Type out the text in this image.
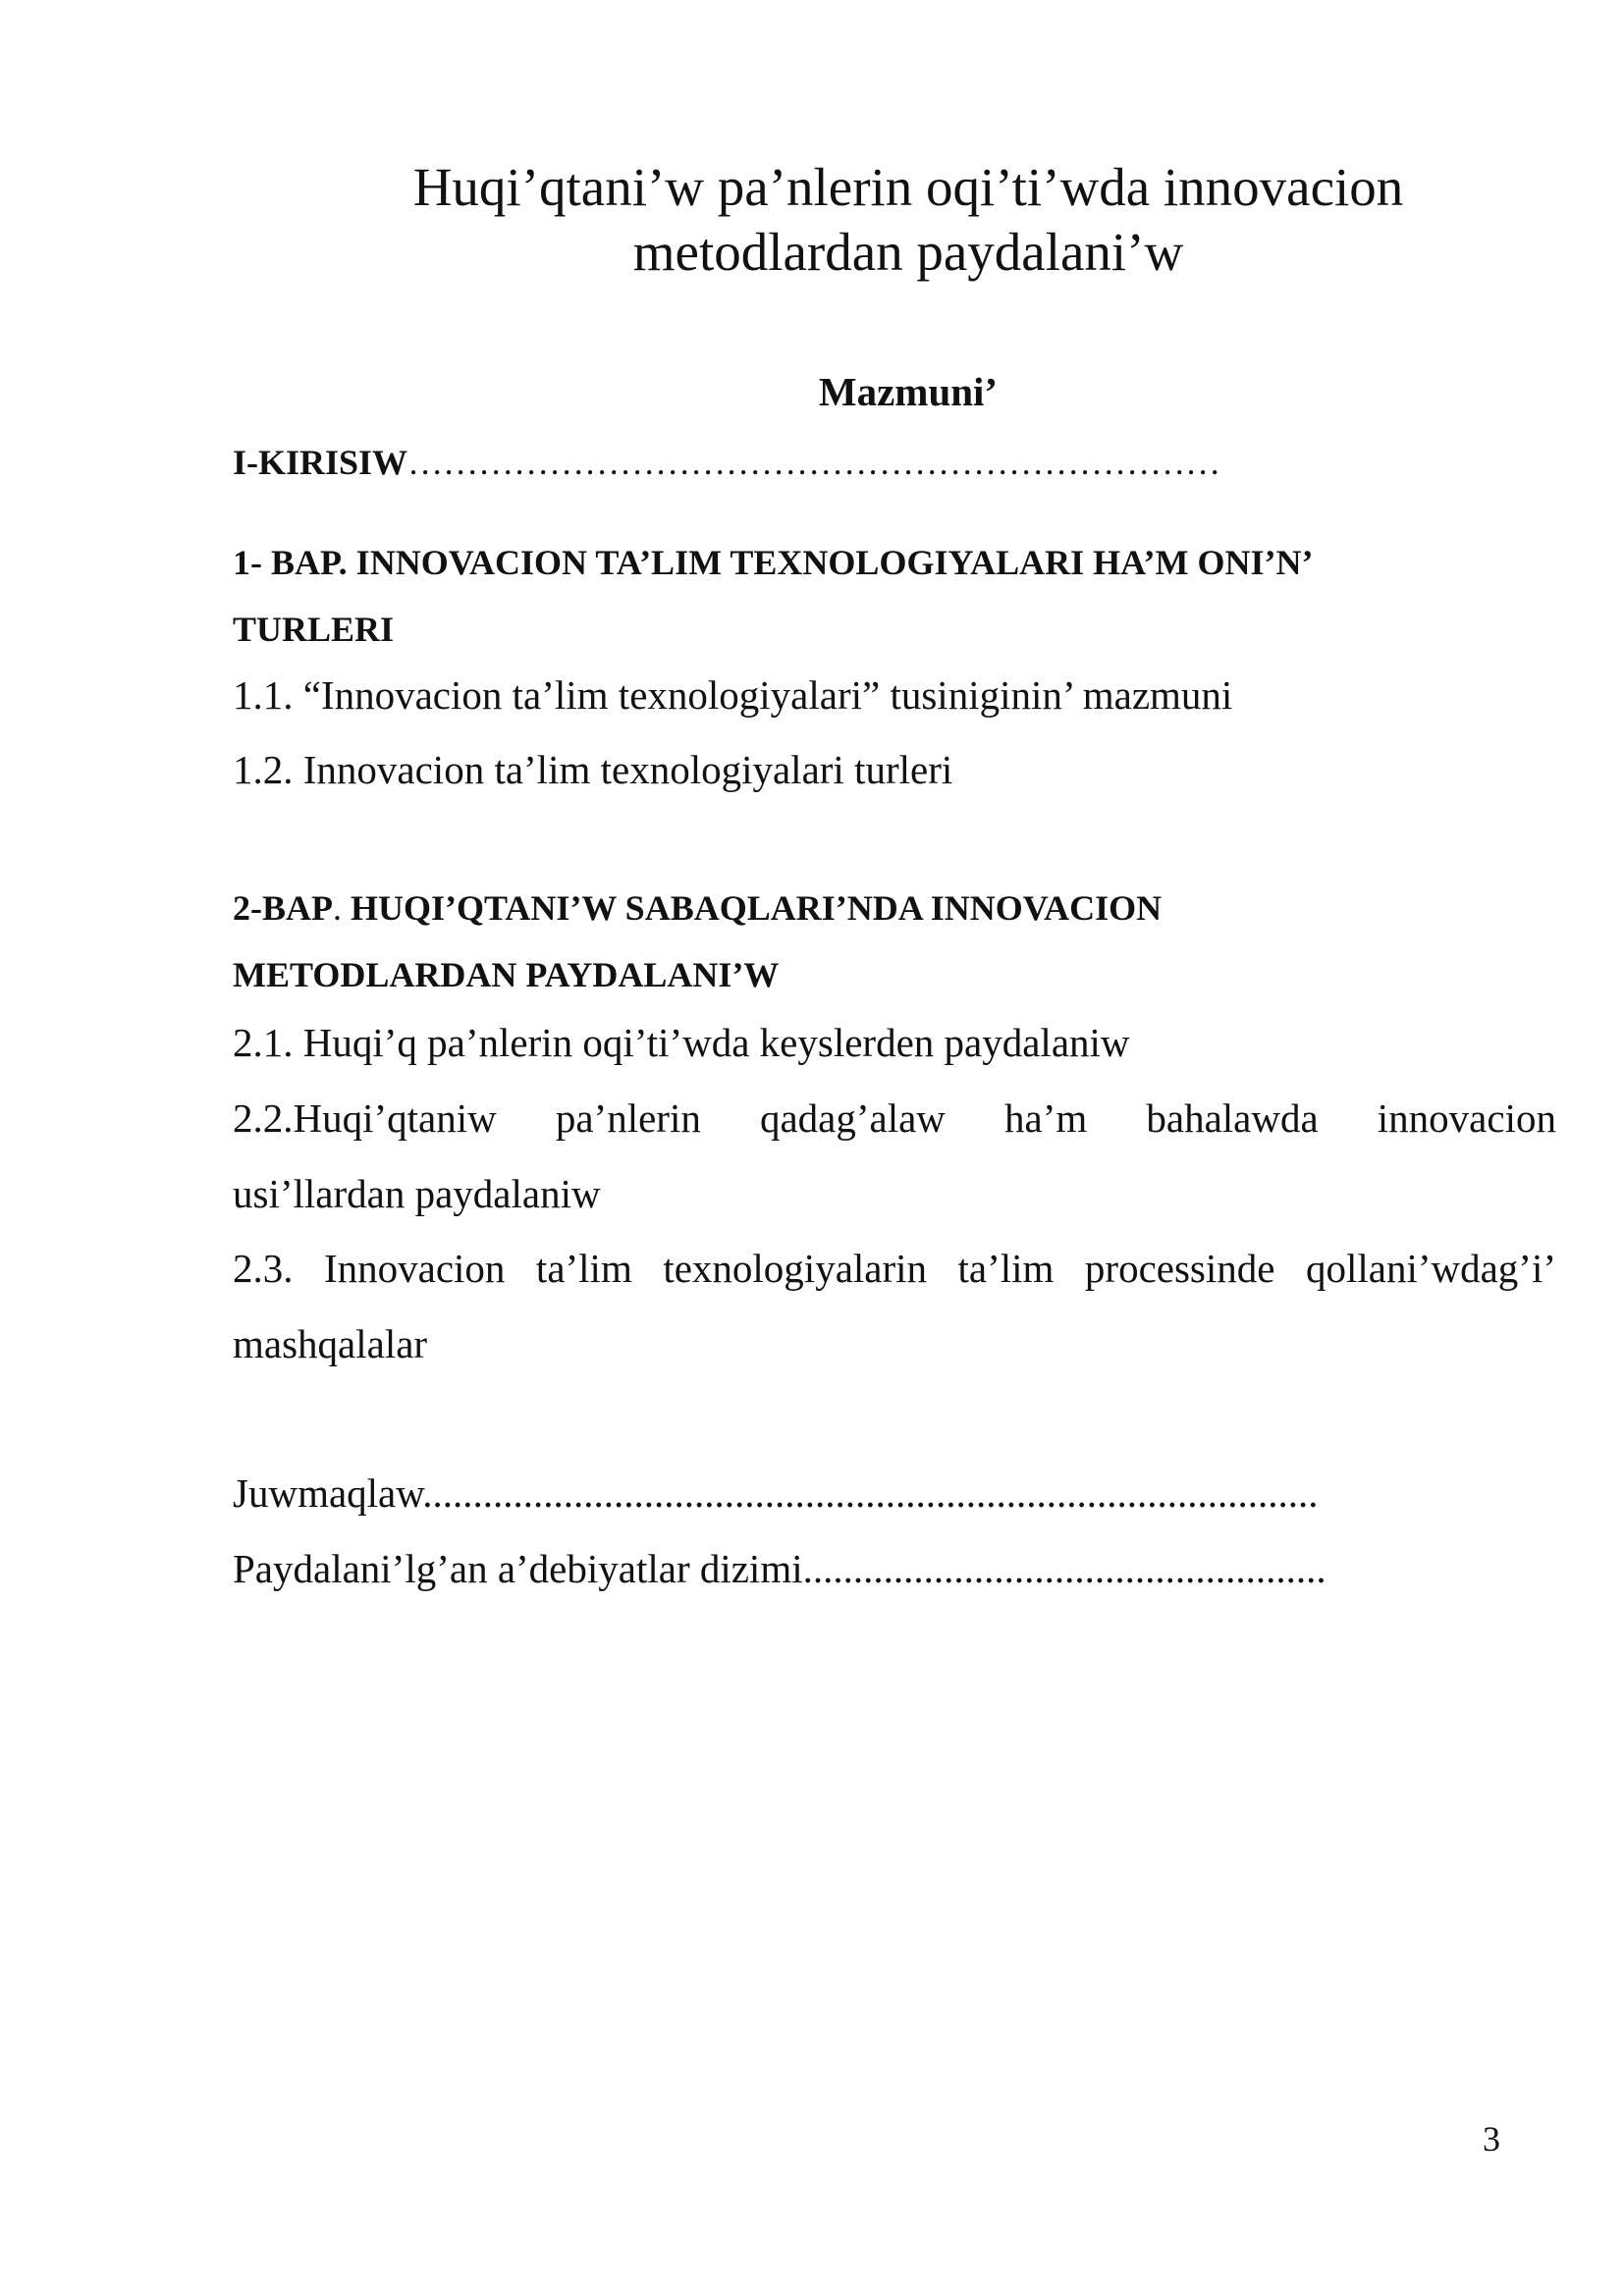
Huqi’qtani’w pa’nlerin oqi’ti’wda innovacion
metodlardan paydalani’w
Mazmuni’
I-KIRISIW……………………………………………………………
1- BAP. INNOVACION TA’LIM TEXNOLOGIYALARI HA’M ONI’N’
TURLERI
1.1. “Innovacion ta’lim texnologiyalari” tusiniginin’ mazmuni
1.2. Innovacion ta’lim texnologiyalari turleri
2-BAP. HUQI’QTANI’W SABAQLARI’NDA INNOVACION
METODLARDAN PAYDALANI’W
2.1. Huqi’q pa’nlerin oqi’ti’wda keyslerden paydalaniw
2.2.Huqi’qtaniw pa’nlerin qadag’alaw ha’m bahalawda innovacion
usi’llardan paydalaniw
2.3. Innovacion ta’lim texnologiyalarin ta’lim processinde qollani’wdag’i’
mashqalalar
Juwmaqlaw.........................................................................................
Paydalani’lg’an a’debiyatlar dizimi....................................................
3
